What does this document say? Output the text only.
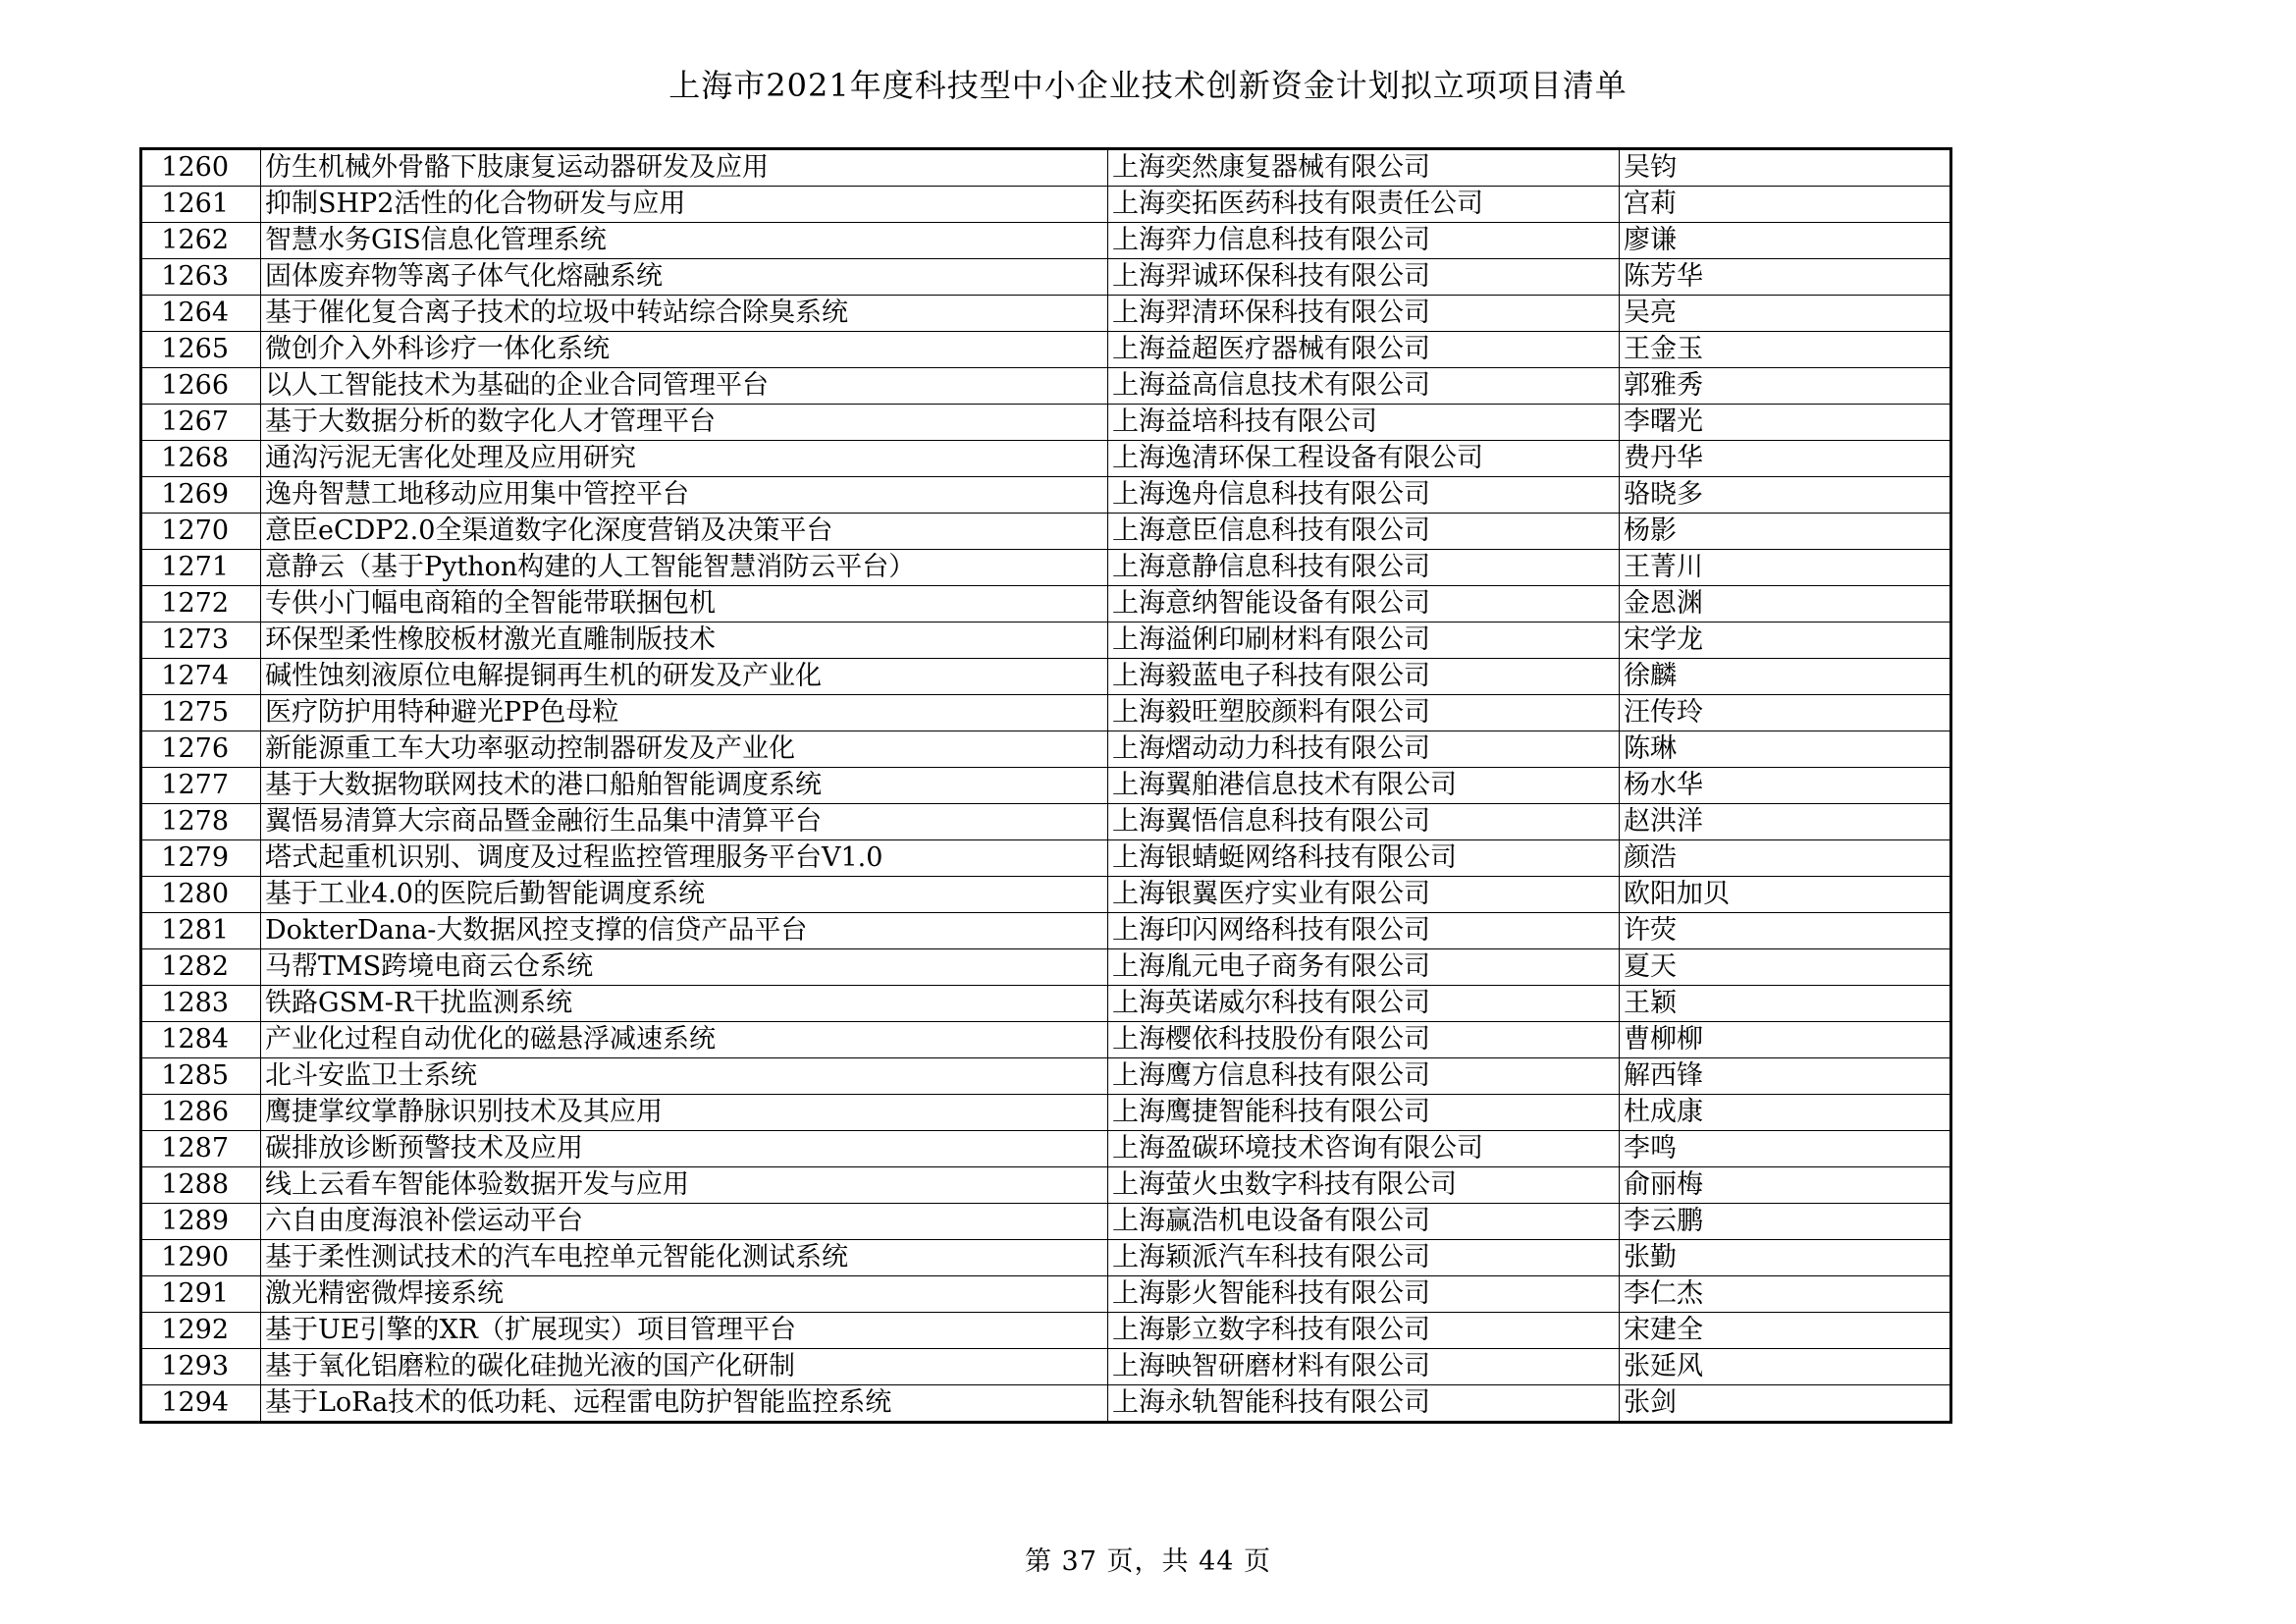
上海市2021年度科技型中小企业技术创新资金计划拟立项项目清单
1260	仿生机械外骨骼下肢康复运动器研发及应用	上海奕然康复器械有限公司	吴钧
1261	抑制SHP2活性的化合物研发与应用	上海奕拓医药科技有限责任公司	宫莉
1262	智慧水务GIS信息化管理系统	上海弈力信息科技有限公司	廖谦
1263	固体废弃物等离子体气化熔融系统	上海羿诚环保科技有限公司	陈芳华
1264	基于催化复合离子技术的垃圾中转站综合除臭系统	上海羿清环保科技有限公司	吴亮
1265	微创介入外科诊疗一体化系统	上海益超医疗器械有限公司	王金玉
1266	以人工智能技术为基础的企业合同管理平台	上海益高信息技术有限公司	郭雅秀
1267	基于大数据分析的数字化人才管理平台	上海益培科技有限公司	李曙光
1268	通沟污泥无害化处理及应用研究	上海逸清环保工程设备有限公司	费丹华
1269	逸舟智慧工地移动应用集中管控平台	上海逸舟信息科技有限公司	骆晓多
1270	意臣eCDP2.0全渠道数字化深度营销及决策平台	上海意臣信息科技有限公司	杨影
1271	意静云（基于Python构建的人工智能智慧消防云平台）	上海意静信息科技有限公司	王菁川
1272	专供小门幅电商箱的全智能带联捆包机	上海意纳智能设备有限公司	金恩渊
1273	环保型柔性橡胶板材激光直雕制版技术	上海溢俐印刷材料有限公司	宋学龙
1274	碱性蚀刻液原位电解提铜再生机的研发及产业化	上海毅蓝电子科技有限公司	徐麟
1275	医疗防护用特种避光PP色母粒	上海毅旺塑胶颜料有限公司	汪传玲
1276	新能源重工车大功率驱动控制器研发及产业化	上海熠动动力科技有限公司	陈琳
1277	基于大数据物联网技术的港口船舶智能调度系统	上海翼舶港信息技术有限公司	杨水华
1278	翼悟易清算大宗商品暨金融衍生品集中清算平台	上海翼悟信息科技有限公司	赵洪洋
1279	塔式起重机识别、调度及过程监控管理服务平台V1.0	上海银蜻蜓网络科技有限公司	颜浩
1280	基于工业4.0的医院后勤智能调度系统	上海银翼医疗实业有限公司	欧阳加贝
1281	DokterDana-大数据风控支撑的信贷产品平台	上海印闪网络科技有限公司	许荧
1282	马帮TMS跨境电商云仓系统	上海胤元电子商务有限公司	夏天
1283	铁路GSM-R干扰监测系统	上海英诺威尔科技有限公司	王颖
1284	产业化过程自动优化的磁悬浮减速系统	上海樱依科技股份有限公司	曹柳柳
1285	北斗安监卫士系统	上海鹰方信息科技有限公司	解西锋
1286	鹰捷掌纹掌静脉识别技术及其应用	上海鹰捷智能科技有限公司	杜成康
1287	碳排放诊断预警技术及应用	上海盈碳环境技术咨询有限公司	李鸣
1288	线上云看车智能体验数据开发与应用	上海萤火虫数字科技有限公司	俞丽梅
1289	六自由度海浪补偿运动平台	上海赢浩机电设备有限公司	李云鹏
1290	基于柔性测试技术的汽车电控单元智能化测试系统	上海颖派汽车科技有限公司	张勤
1291	激光精密微焊接系统	上海影火智能科技有限公司	李仁杰
1292	基于UE引擎的XR（扩展现实）项目管理平台	上海影立数字科技有限公司	宋建全
1293	基于氧化铝磨粒的碳化硅抛光液的国产化研制	上海映智研磨材料有限公司	张延风
1294	基于LoRa技术的低功耗、远程雷电防护智能监控系统	上海永轨智能科技有限公司	张剑
第 37 页，共 44 页
